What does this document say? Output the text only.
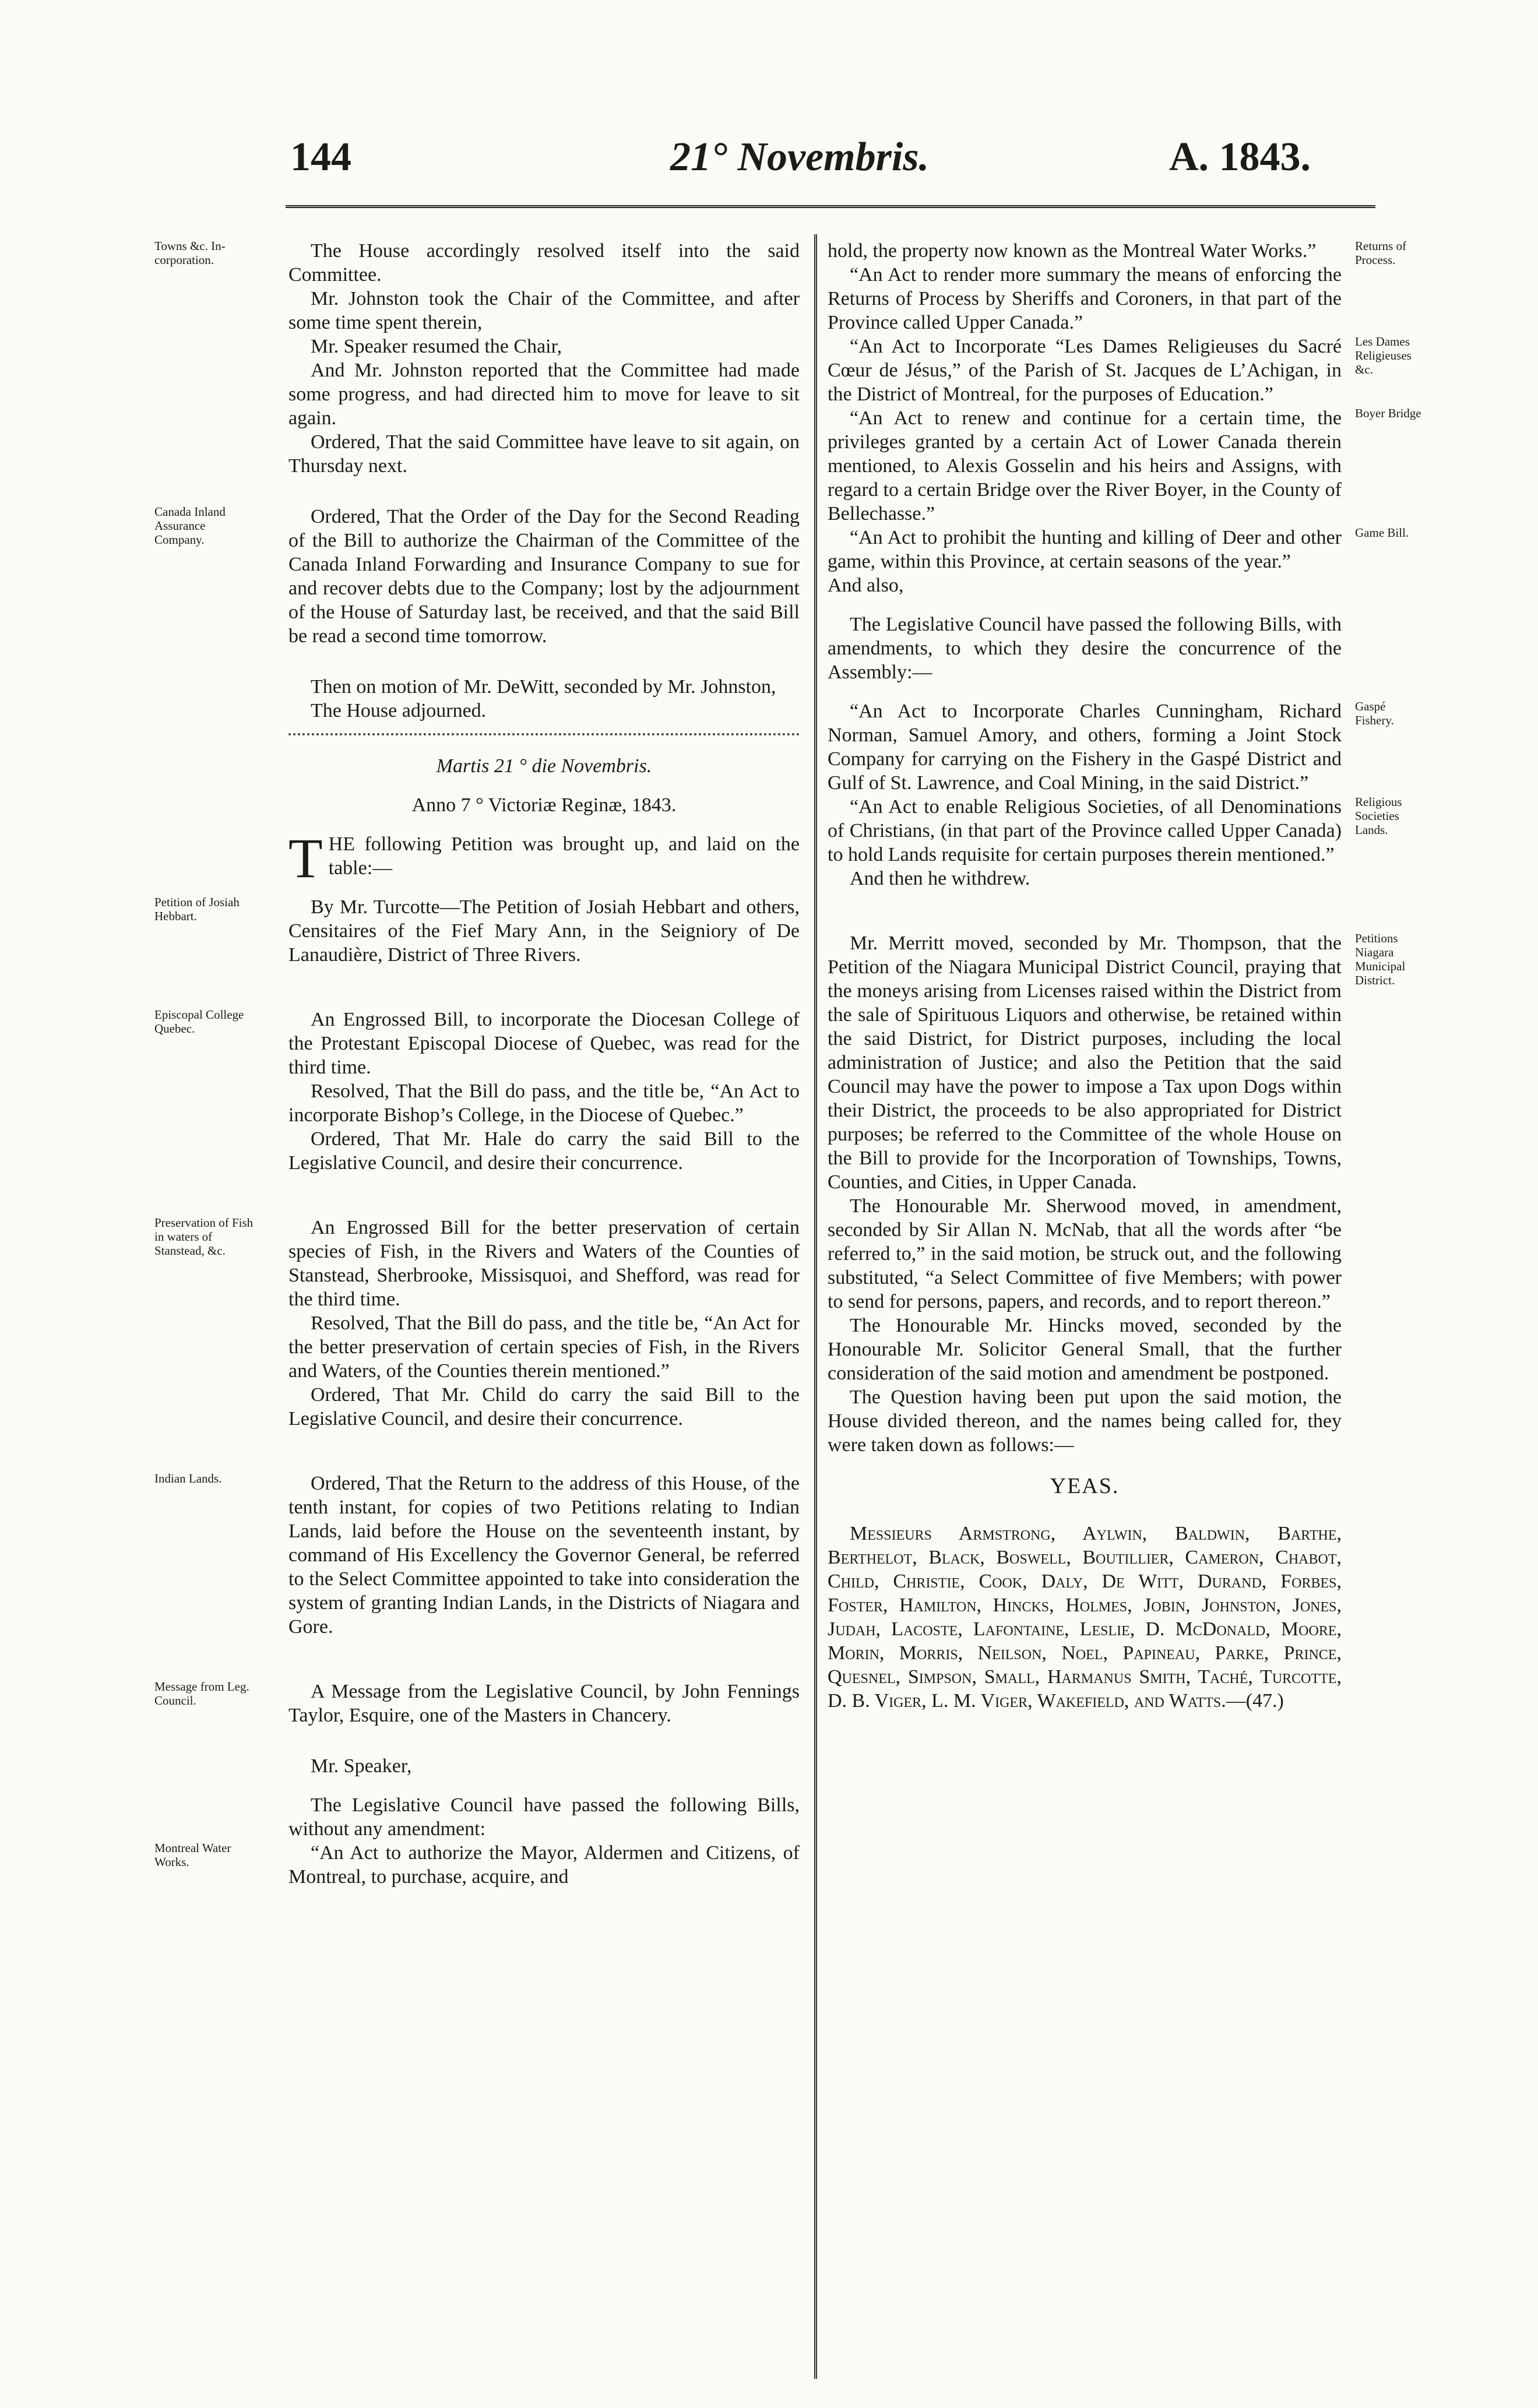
144	21° Novembris.	A. 1843.
Towns &c. In-corporation.	The House accordingly resolved itself into the said Committee.

Mr. Johnston took the Chair of the Committee, and after some time spent therein,

Mr. Speaker resumed the Chair,

And Mr. Johnston reported that the Committee had made some progress, and had directed him to move for leave to sit again.

Ordered, That the said Committee have leave to sit again, on Thursday next.

Canada Inland Assurance Company.

Ordered, That the Order of the Day for the Second Reading of the Bill to authorize the Chairman of the Committee of the Canada Inland Forwarding and Insurance Company to sue for and recover debts due to the Company; lost by the adjournment of the House of Saturday last, be received, and that the said Bill be read a second time tomorrow.

Then on motion of Mr. DeWitt, seconded by Mr. Johnston,

The House adjourned.

Martis 21 ° die Novembris.

Anno 7 ° Victoriæ Reginæ, 1843.

THE following Petition was brought up, and laid on the table:—

Petition of Josiah Hebbart.	By Mr. Turcotte—The Petition of Josiah Hebbart and others, Censitaires of the Fief Mary Ann, in the Seigniory of De Lanaudière, District of Three Rivers.

Episcopal College Quebec.	An Engrossed Bill, to incorporate the Diocesan College of the Protestant Episcopal Diocese of Quebec, was read for the third time.

Resolved, That the Bill do pass, and the title be, “An Act to incorporate Bishop’s College, in the Diocese of Quebec.”

Ordered, That Mr. Hale do carry the said Bill to the Legislative Council, and desire their concurrence.

Preservation of Fish in waters of Stanstead, &c.

An Engrossed Bill for the better preservation of certain species of Fish, in the Rivers and Waters of the Counties of Stanstead, Sherbrooke, Missisquoi, and Shefford, was read for the third time.

Resolved, That the Bill do pass, and the title be, “An Act for the better preservation of certain species of Fish, in the Rivers and Waters, of the Counties therein mentioned.”

Ordered, That Mr. Child do carry the said Bill to the Legislative Council, and desire their concurrence.

Indian Lands.	Ordered, That the Return to the address of this House, of the tenth instant, for copies of two Petitions relating to Indian Lands, laid before the House on the seventeenth instant, by command of His Excellency the Governor General, be referred to the Select Committee appointed to take into consideration the system of granting Indian Lands, in the Districts of Niagara and Gore.

Message from Leg. Council.	A Message from the Legislative Council, by John Fennings Taylor, Esquire, one of the Masters in Chancery.

Mr. Speaker,

The Legislative Council have passed the following Bills, without any amendment:

Montreal Water Works.	“An Act to authorize the Mayor, Aldermen and Citizens, of Montreal, to purchase, acquire, and

hold, the property now known as the Montreal Water Works.”	Returns of Process.

“An Act to render more summary the means of enforcing the Returns of Process by Sheriffs and Coroners, in that part of the Province called Upper Canada.”

Les Dames Religieuses &c.

“An Act to Incorporate “Les Dames Religieuses du Sacré Cœur de Jésus,” of the Parish of St. Jacques de L’Achigan, in the District of Montreal, for the purposes of Education.”

Boyer Bridge

“An Act to renew and continue for a certain time, the privileges granted by a certain Act of Lower Canada therein mentioned, to Alexis Gosselin and his heirs and Assigns, with regard to a certain Bridge over the River Boyer, in the County of Bellechasse.”

Game Bill.

“An Act to prohibit the hunting and killing of Deer and other game, within this Province, at certain seasons of the year.”

And also,

The Legislative Council have passed the following Bills, with amendments, to which they desire the concurrence of the Assembly:—

Gaspé Fishery.

“An Act to Incorporate Charles Cunningham, Richard Norman, Samuel Amory, and others, forming a Joint Stock Company for carrying on the Fishery in the Gaspé District and Gulf of St. Lawrence, and Coal Mining, in the said District.”

Religious Societies Lands.

“An Act to enable Religious Societies, of all Denominations of Christians, (in that part of the Province called Upper Canada) to hold Lands requisite for certain purposes therein mentioned.”

And then he withdrew.

Petitions Niagara Municipal District.

Mr. Merritt moved, seconded by Mr. Thompson, that the Petition of the Niagara Municipal District Council, praying that the moneys arising from Licenses raised within the District from the sale of Spirituous Liquors and otherwise, be retained within the said District, for District purposes, including the local administration of Justice; and also the Petition that the said Council may have the power to impose a Tax upon Dogs within their District, the proceeds to be also appropriated for District purposes; be referred to the Committee of the whole House on the Bill to provide for the Incorporation of Townships, Towns, Counties, and Cities, in Upper Canada.

The Honourable Mr. Sherwood moved, in amendment, seconded by Sir Allan N. McNab, that all the words after “be referred to,” in the said motion, be struck out, and the following substituted, “a Select Committee of five Members; with power to send for persons, papers, and records, and to report thereon.”

The Honourable Mr. Hincks moved, seconded by the Honourable Mr. Solicitor General Small, that the further consideration of the said motion and amendment be postponed.

The Question having been put upon the said motion, the House divided thereon, and the names being called for, they were taken down as follows:—

YEAS.

Messieurs Armstrong, Aylwin, Baldwin, Barthe, Berthelot, Black, Boswell, Boutillier, Cameron, Chabot, Child, Christie, Cook, Daly, De Witt, Durand, Forbes, Foster, Hamilton, Hincks, Holmes, Jobin, Johnston, Jones, Judah, Lacoste, Lafontaine, Leslie, D. McDonald, Moore, Morin, Morris, Neilson, Noel, Papineau, Parke, Prince, Quesnel, Simpson, Small, Harmanus Smith, Taché, Turcotte, D. B. Viger, L. M. Viger, Wakefield, and Watts.—(47.)
